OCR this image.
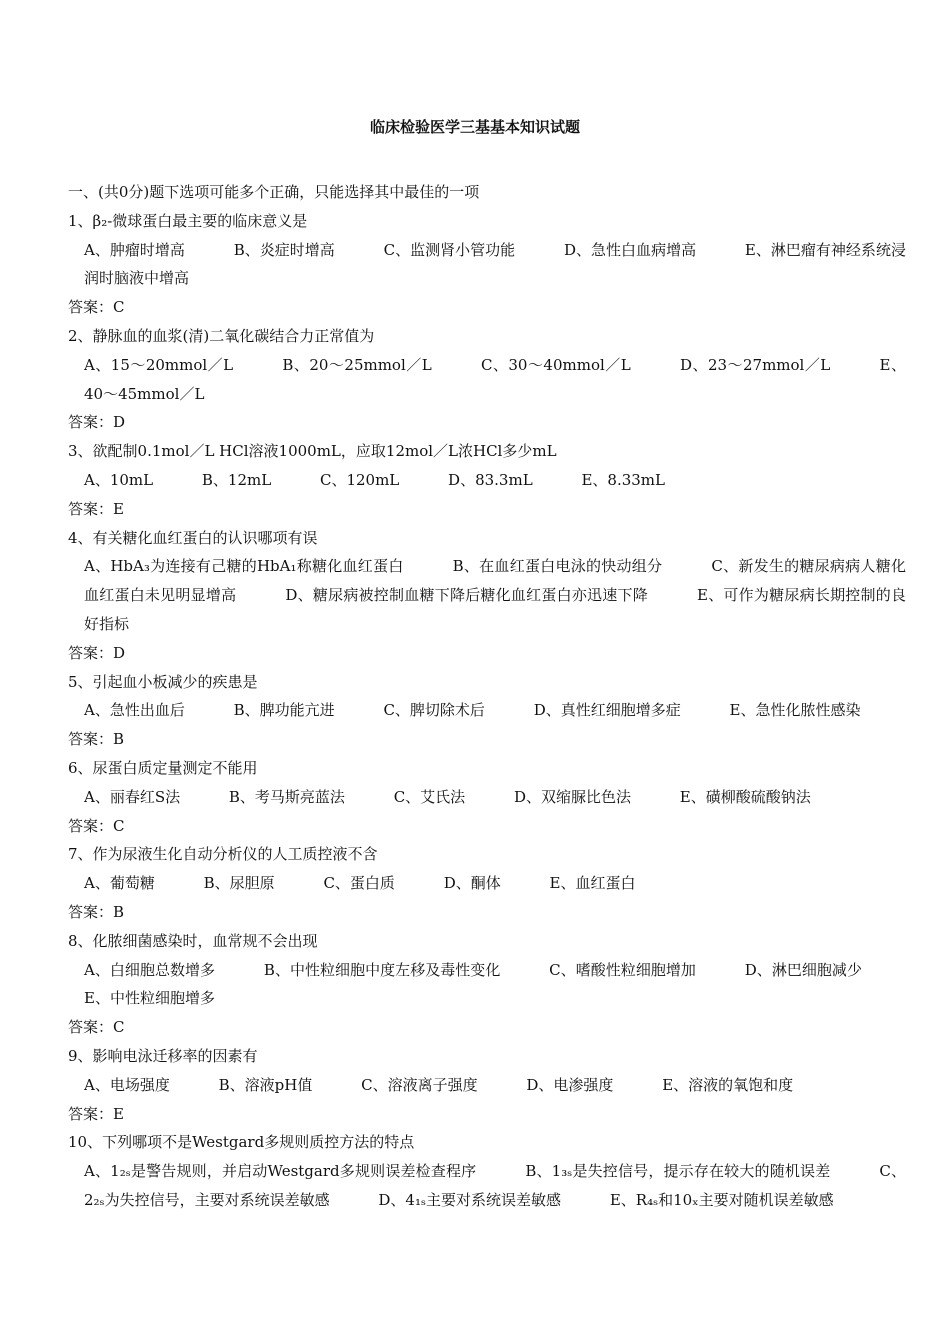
临床检验医学三基基本知识试题
一、(共0分)题下选项可能多个正确，只能选择其中最佳的一项
1、β₂-微球蛋白最主要的临床意义是
A、肿瘤时增高	B、炎症时增高	C、监测肾小管功能	D、急性白血病增高	E、淋巴瘤有神经系统浸润时脑液中增高
答案：C
2、静脉血的血浆(清)二氧化碳结合力正常值为
A、15～20mmol／L	B、20～25mmol／L	C、30～40mmol／L	D、23～27mmol／L	E、40～45mmol／L
答案：D
3、欲配制0.1mol／L HCl溶液1000mL，应取12mol／L浓HCl多少mL
A、10mL	B、12mL	C、120mL	D、83.3mL	E、8.33mL
答案：E
4、有关糖化血红蛋白的认识哪项有误
A、HbA₃为连接有己糖的HbA₁称糖化血红蛋白	B、在血红蛋白电泳的快动组分	C、新发生的糖尿病病人糖化血红蛋白未见明显增高	D、糖尿病被控制血糖下降后糖化血红蛋白亦迅速下降	E、可作为糖尿病长期控制的良好指标
答案：D
5、引起血小板减少的疾患是
A、急性出血后	B、脾功能亢进	C、脾切除术后	D、真性红细胞增多症	E、急性化脓性感染
答案：B
6、尿蛋白质定量测定不能用
A、丽春红S法	B、考马斯亮蓝法	C、艾氏法	D、双缩脲比色法	E、磺柳酸硫酸钠法
答案：C
7、作为尿液生化自动分析仪的人工质控液不含
A、葡萄糖	B、尿胆原	C、蛋白质	D、酮体	E、血红蛋白
答案：B
8、化脓细菌感染时，血常规不会出现
A、白细胞总数增多	B、中性粒细胞中度左移及毒性变化	C、嗜酸性粒细胞增加	D、淋巴细胞减少 E、中性粒细胞增多
答案：C
9、影响电泳迁移率的因素有
A、电场强度	B、溶液pH值	C、溶液离子强度	D、电渗强度	E、溶液的氧饱和度
答案：E
10、下列哪项不是Westgard多规则质控方法的特点
A、1₂ₛ是警告规则，并启动Westgard多规则误差检查程序	B、1₃ₛ是失控信号，提示存在较大的随机误差	C、2₂ₛ为失控信号，主要对系统误差敏感	D、4₁ₛ主要对系统误差敏感	E、R₄ₛ和10ₓ主要对随机误差敏感
